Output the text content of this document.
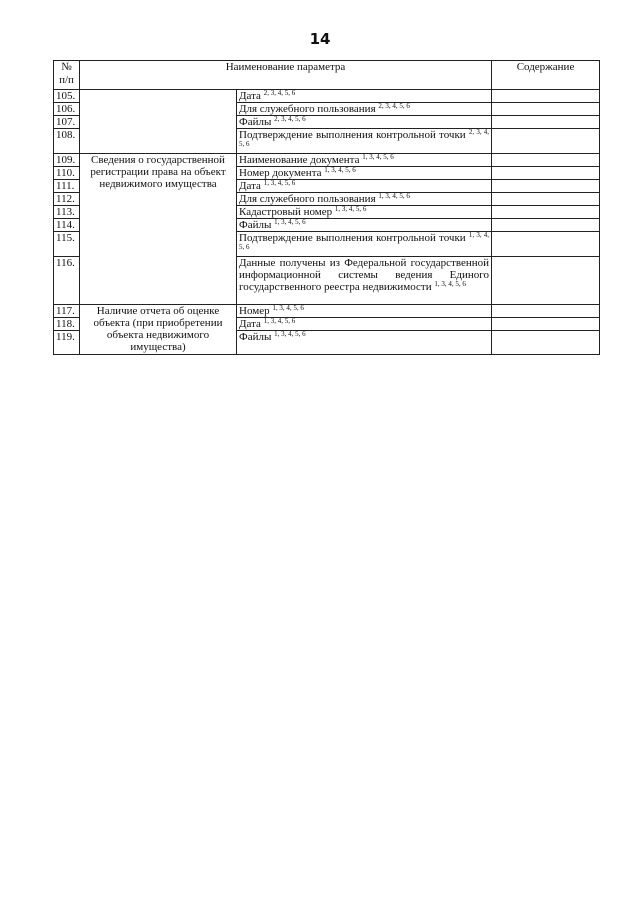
14
№
п/п	Наименование параметра		Содержание
105.		Дата $^{2, 3, 4, 5, 6}$	
106.		Для служебного пользования $^{2, 3, 4, 5, 6}$	
107.		Файлы $^{2, 3, 4, 5, 6}$	
108.		Подтверждение выполнения контрольной точки $^{2, 3, 4, 5, 6}$	
109.	Сведения о государственной регистрации права на объект недвижимого имущества	Наименование документа $^{1, 3, 4, 5, 6}$	
110.		Номер документа $^{1, 3, 4, 5, 6}$	
111.		Дата $^{1, 3, 4, 5, 6}$	
112.		Для служебного пользования $^{1, 3, 4, 5, 6}$	
113.		Кадастровый номер $^{1, 3, 4, 5, 6}$	
114.		Файлы $^{1, 3, 4, 5, 6}$	
115.		Подтверждение выполнения контрольной точки $^{1, 3, 4, 5, 6}$	
116.		Данные получены из Федеральной государственной информационной системы ведения Единого государственного реестра недвижимости $^{1, 3, 4, 5, 6}$	
117.	Наличие отчета об оценке объекта (при приобретении объекта недвижимого имущества)	Номер $^{1, 3, 4, 5, 6}$	
118.		Дата $^{1, 3, 4, 5, 6}$	
119.		Файлы $^{1, 3, 4, 5, 6}$	
